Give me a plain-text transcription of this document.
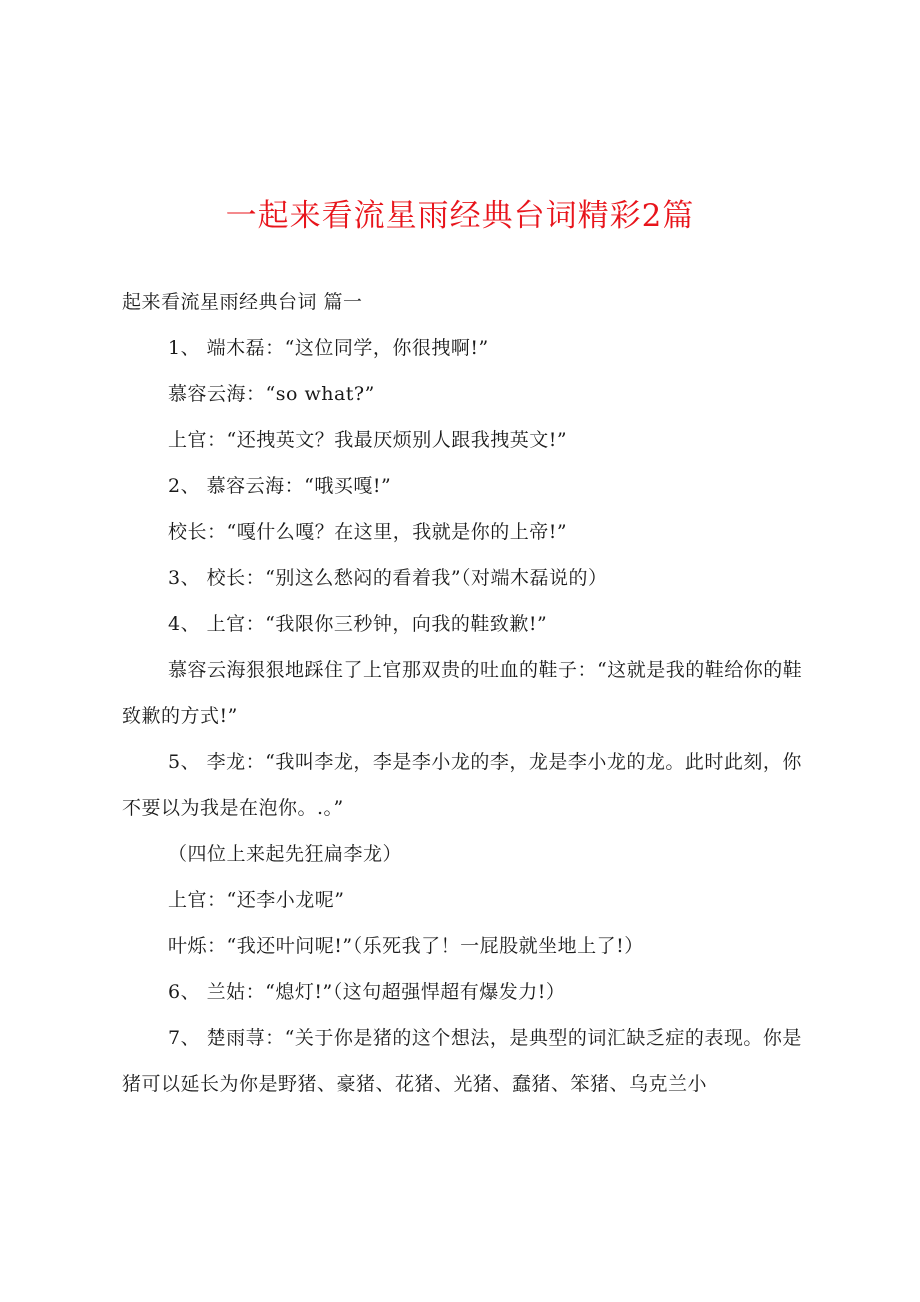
一起来看流星雨经典台词精彩2篇

起来看流星雨经典台词 篇一

1、 端木磊：“这位同学，你很拽啊!”

慕容云海：“so what?”

上官：“还拽英文？我最厌烦别人跟我拽英文!”

2、 慕容云海：“哦买嘎!”

校长：“嘎什么嘎？在这里，我就是你的上帝!”

3、 校长：“别这么愁闷的看着我”（对端木磊说的）

4、 上官：“我限你三秒钟，向我的鞋致歉!”

慕容云海狠狠地踩住了上官那双贵的吐血的鞋子：“这就是我的鞋给你的鞋致歉的方式!”

5、 李龙：“我叫李龙，李是李小龙的李，龙是李小龙的龙。此时此刻，你不要以为我是在泡你。.。”

（四位上来起先狂扁李龙）

上官：“还李小龙呢”

叶烁：“我还叶问呢!”（乐死我了！一屁股就坐地上了!）

6、 兰姑：“熄灯!”（这句超强悍超有爆发力!）

7、 楚雨荨：“关于你是猪的这个想法，是典型的词汇缺乏症的表现。你是猪可以延长为你是野猪、豪猪、花猪、光猪、蠢猪、笨猪、乌克兰小
